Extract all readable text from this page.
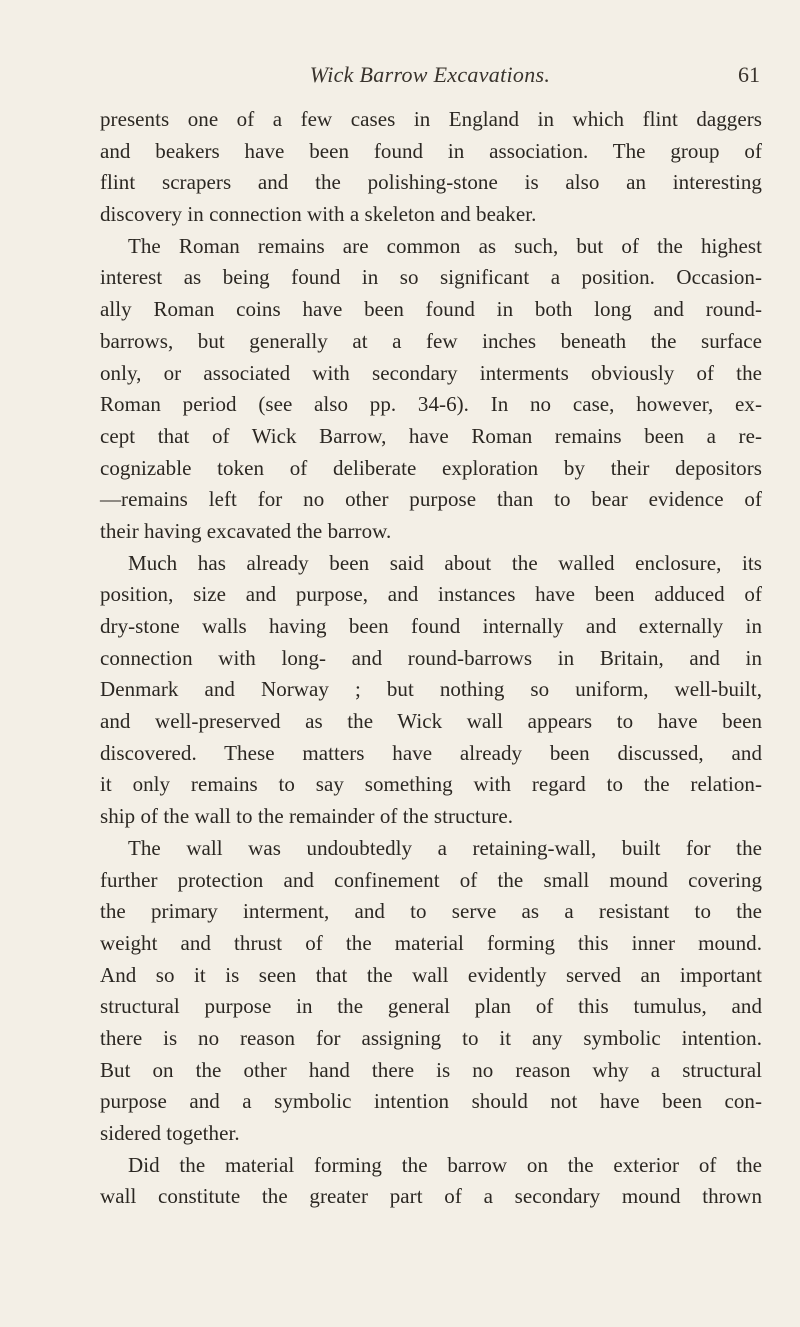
Wick Barrow Excavations.	61
presents one of a few cases in England in which flint daggers
and beakers have been found in association. The group of
flint scrapers and the polishing-stone is also an interesting
discovery in connection with a skeleton and beaker.
The Roman remains are common as such, but of the highest
interest as being found in so significant a position. Occasion-
ally Roman coins have been found in both long and round-
barrows, but generally at a few inches beneath the surface
only, or associated with secondary interments obviously of the
Roman period (see also pp. 34-6). In no case, however, ex-
cept that of Wick Barrow, have Roman remains been a re-
cognizable token of deliberate exploration by their depositors
—remains left for no other purpose than to bear evidence of
their having excavated the barrow.
Much has already been said about the walled enclosure, its
position, size and purpose, and instances have been adduced of
dry-stone walls having been found internally and externally in
connection with long- and round-barrows in Britain, and in
Denmark and Norway ; but nothing so uniform, well-built,
and well-preserved as the Wick wall appears to have been
discovered. These matters have already been discussed, and
it only remains to say something with regard to the relation-
ship of the wall to the remainder of the structure.
The wall was undoubtedly a retaining-wall, built for the
further protection and confinement of the small mound covering
the primary interment, and to serve as a resistant to the
weight and thrust of the material forming this inner mound.
And so it is seen that the wall evidently served an important
structural purpose in the general plan of this tumulus, and
there is no reason for assigning to it any symbolic intention.
But on the other hand there is no reason why a structural
purpose and a symbolic intention should not have been con-
sidered together.
Did the material forming the barrow on the exterior of the
wall constitute the greater part of a secondary mound thrown
